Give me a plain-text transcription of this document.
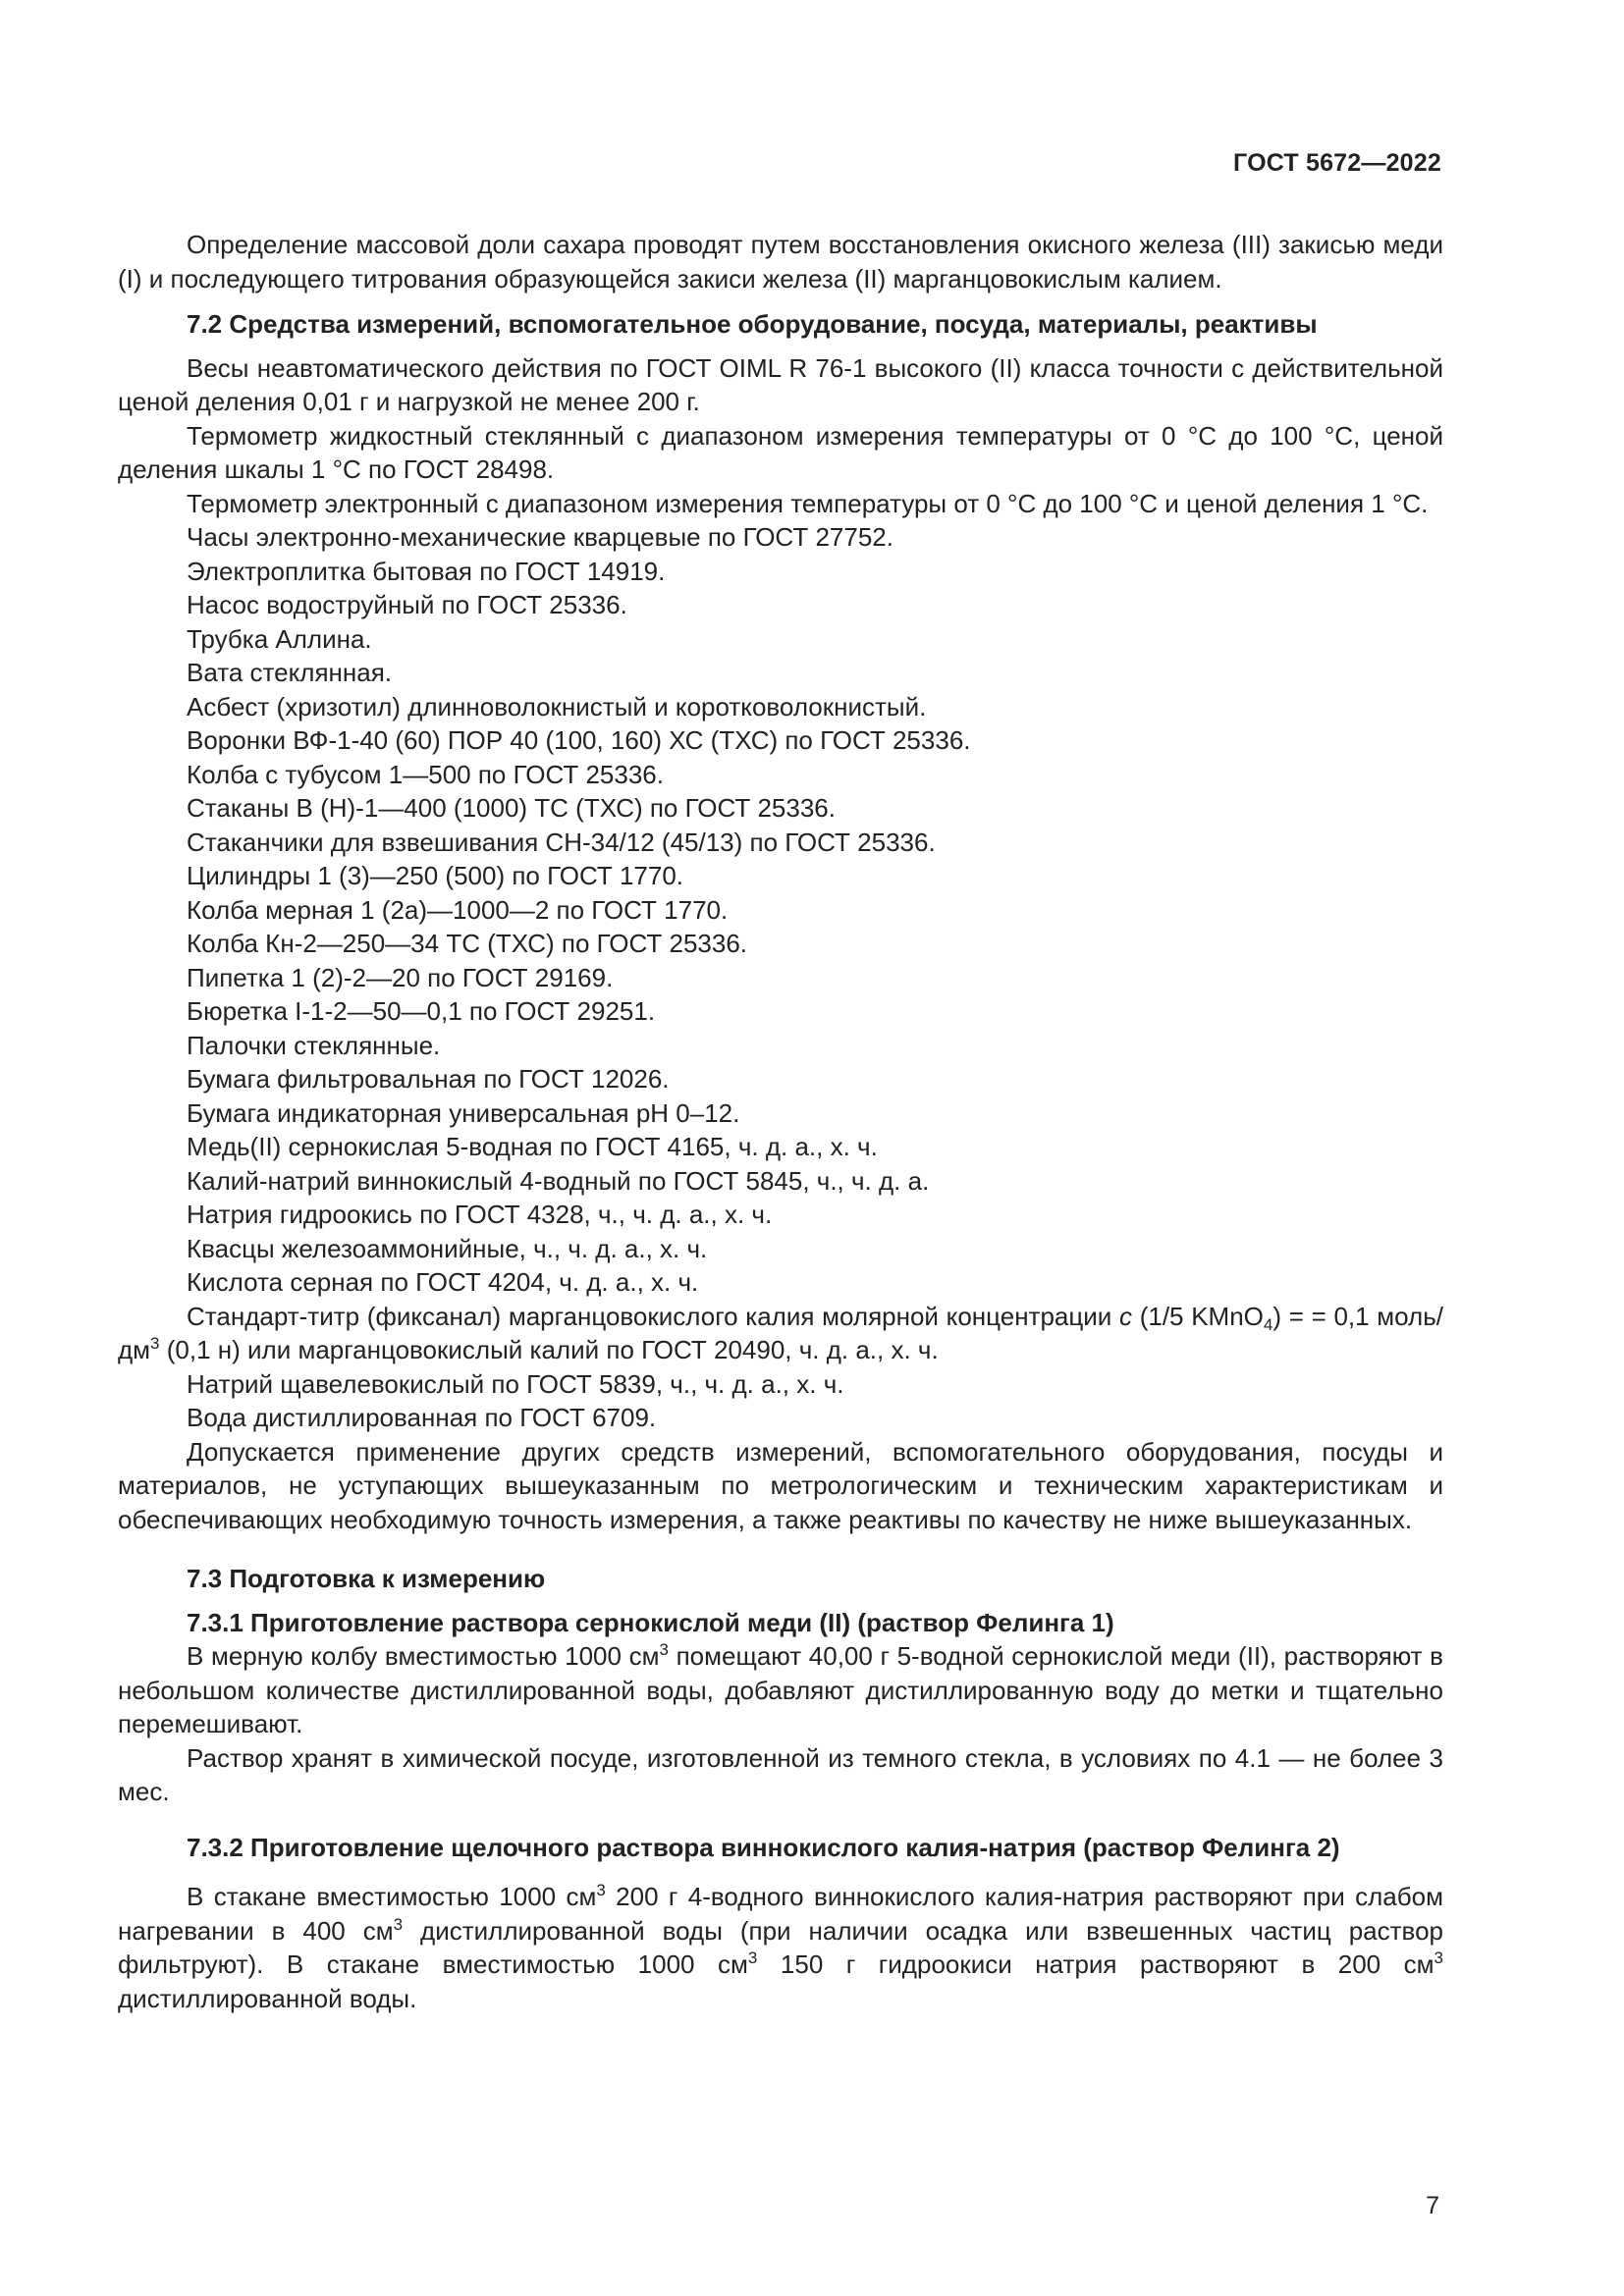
ГОСТ 5672—2022

Определение массовой доли сахара проводят путем восстановления окисного железа (III) закисью меди (I) и последующего титрования образующейся закиси железа (II) марганцовокислым калием.

7.2 Средства измерений, вспомогательное оборудование, посуда, материалы, реактивы

Весы неавтоматического действия по ГОСТ OIML R 76-1 высокого (II) класса точности с действительной ценой деления 0,01 г и нагрузкой не менее 200 г.

Термометр жидкостный стеклянный с диапазоном измерения температуры от 0 °С до 100 °С, ценой деления шкалы 1 °С по ГОСТ 28498.

Термометр электронный с диапазоном измерения температуры от 0 °С до 100 °С и ценой деления 1 °С.

Часы электронно-механические кварцевые по ГОСТ 27752.

Электроплитка бытовая по ГОСТ 14919.

Насос водоструйный по ГОСТ 25336.

Трубка Аллина.

Вата стеклянная.

Асбест (хризотил) длинноволокнистый и коротковолокнистый.

Воронки ВФ-1-40 (60) ПОР 40 (100, 160) ХС (ТХС) по ГОСТ 25336.

Колба с тубусом 1—500 по ГОСТ 25336.

Стаканы В (Н)-1—400 (1000) ТС (ТХС) по ГОСТ 25336.

Стаканчики для взвешивания СН-34/12 (45/13) по ГОСТ 25336.

Цилиндры 1 (3)—250 (500) по ГОСТ 1770.

Колба мерная 1 (2а)—1000—2 по ГОСТ 1770.

Колба Кн-2—250—34 ТС (ТХС) по ГОСТ 25336.

Пипетка 1 (2)-2—20 по ГОСТ 29169.

Бюретка I-1-2—50—0,1 по ГОСТ 29251.

Палочки стеклянные.

Бумага фильтровальная по ГОСТ 12026.

Бумага индикаторная универсальная pH 0–12.

Медь(II) сернокислая 5-водная по ГОСТ 4165, ч. д. а., х. ч.

Калий-натрий виннокислый 4-водный по ГОСТ 5845, ч., ч. д. а.

Натрия гидроокись по ГОСТ 4328, ч., ч. д. а., х. ч.

Квасцы железоаммонийные, ч., ч. д. а., х. ч.

Кислота серная по ГОСТ 4204, ч. д. а., х. ч.

Стандарт-титр (фиксанал) марганцовокислого калия молярной концентрации c (1/5 KMnO$_4$) = = 0,1 моль/$дм^3$ (0,1 н) или марганцовокислый калий по ГОСТ 20490, ч. д. а., х. ч.

Натрий щавелевокислый по ГОСТ 5839, ч., ч. д. а., х. ч.

Вода дистиллированная по ГОСТ 6709.

Допускается применение других средств измерений, вспомогательного оборудования, посуды и материалов, не уступающих вышеуказанным по метрологическим и техническим характеристикам и обеспечивающих необходимую точность измерения, а также реактивы по качеству не ниже вышеуказанных.

7.3 Подготовка к измерению

7.3.1 Приготовление раствора сернокислой меди (II) (раствор Фелинга 1)

В мерную колбу вместимостью 1000 $см^3$ помещают 40,00 г 5-водной сернокислой меди (II), растворяют в небольшом количестве дистиллированной воды, добавляют дистиллированную воду до метки и тщательно перемешивают.

Раствор хранят в химической посуде, изготовленной из темного стекла, в условиях по 4.1 — не более 3 мес.

7.3.2 Приготовление щелочного раствора виннокислого калия-натрия (раствор Фелинга 2)

В стакане вместимостью 1000 $см^3$ 200 г 4-водного виннокислого калия-натрия растворяют при слабом нагревании в 400 $см^3$ дистиллированной воды (при наличии осадка или взвешенных частиц раствор фильтруют). В стакане вместимостью 1000 $см^3$ 150 г гидроокиси натрия растворяют в 200 $см^3$ дистиллированной воды.

7
